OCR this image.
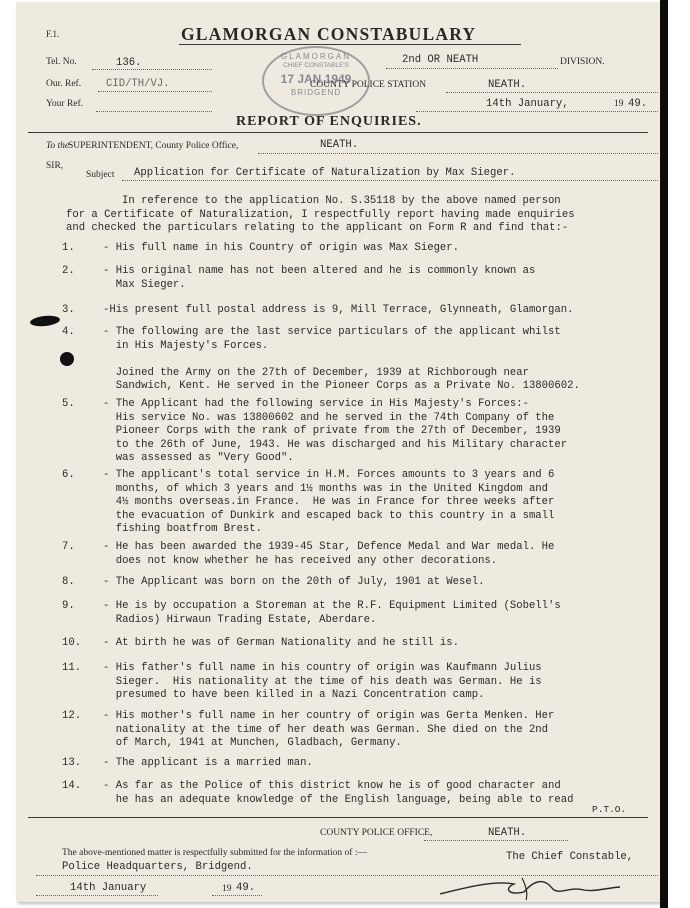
F.1.	GLAMORGAN CONSTABULARY
Tel. No.	136.	2nd OR NEATH	DIVISION.
Our. Ref. CID/TH/VJ.	COUNTY POLICE STATION	NEATH.
Your Ref.	14th January,	19 49.
GLAMORGAN
CHIEF CONSTABLE'S
17 JAN 1949
BRIDGEND
REPORT OF ENQUIRIES.
To the
SUPERINTENDENT, County Police Office,	NEATH.
SIR,
Subject Application for Certificate of Naturalization by Max Sieger.
In reference to the application No. S.35118 by the above named person
for a Certificate of Naturalization, I respectfully report having made enquiries
and checked the particulars relating to the applicant on Form R and find that:-
1.	- His full name in his Country of origin was Max Sieger.
2.	- His original name has not been altered and he is commonly known as
Max Sieger.
3.	-His present full postal address is 9, Mill Terrace, Glynneath, Glamorgan.
4.	- The following are the last service particulars of the applicant whilst
in His Majesty's Forces.
Joined the Army on the 27th of December, 1939 at Richborough near
Sandwich, Kent. He served in the Pioneer Corps as a Private No. 13800602.
5.	- The Applicant had the following service in His Majesty's Forces:-
His service No. was 13800602 and he served in the 74th Company of the
Pioneer Corps with the rank of private from the 27th of December, 1939
to the 26th of June, 1943. He was discharged and his Military character
was assessed as "Very Good".
6.	- The applicant's total service in H.M. Forces amounts to 3 years and 6
months, of which 3 years and 1½ months was in the United Kingdom and
4½ months overseas.in France.  He was in France for three weeks after
the evacuation of Dunkirk and escaped back to this country in a small
fishing boatfrom Brest.
7.	- He has been awarded the 1939-45 Star, Defence Medal and War medal. He
does not know whether he has received any other decorations.
8.	- The Applicant was born on the 20th of July, 1901 at Wesel.
9.	- He is by occupation a Storeman at the R.F. Equipment Limited (Sobell's
Radios) Hirwaun Trading Estate, Aberdare.
10. - At birth he was of German Nationality and he still is.
11. - His father's full name in his country of origin was Kaufmann Julius
Sieger.  His nationality at the time of his death was German. He is
presumed to have been killed in a Nazi Concentration camp.
12. - His mother's full name in her country of origin was Gerta Menken. Her
nationality at the time of her death was German. She died on the 2nd
of March, 1941 at Munchen, Gladbach, Germany.
13. - The applicant is a married man.
14. - As far as the Police of this district know he is of good character and
he has an adequate knowledge of the English language, being able to read
P.T.O.
COUNTY POLICE OFFICE,	NEATH.
The above-mentioned matter is respectfully submitted for the information of :—	The Chief Constable,
Police Headquarters, Bridgend.
14th January	19 49.
